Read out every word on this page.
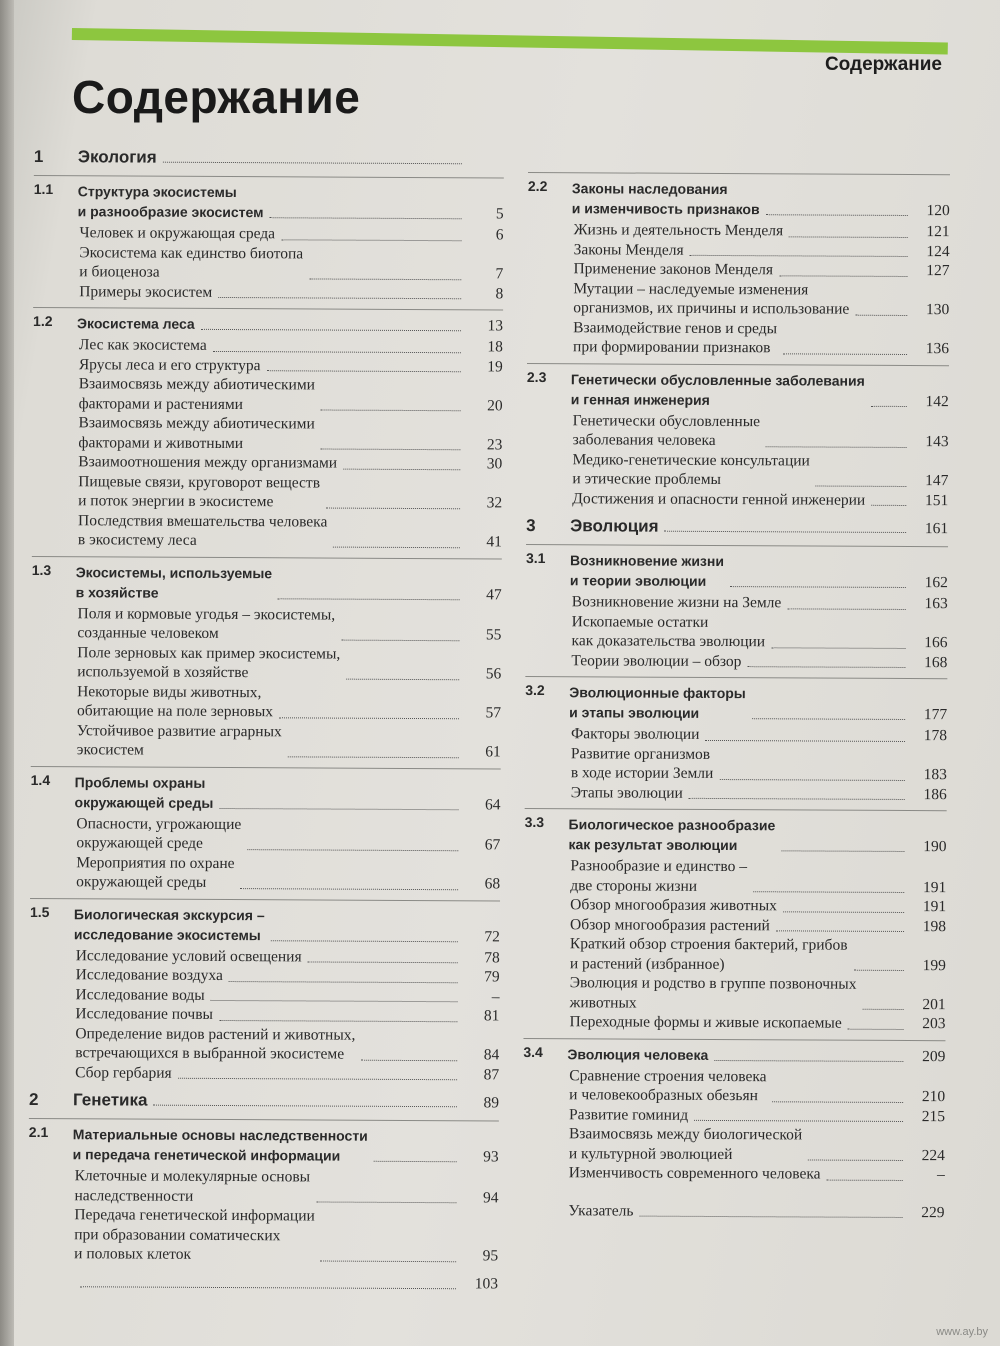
Содержание
Содержание
1	Экология
1.1	Структура экосистемы
и разнообразие экосистем	5
Человек и окружающая среда	6
Экосистема как единство биотопа
и биоценоза	7
Примеры экосистем	8
1.2	Экосистема леса	13
Лес как экосистема	18
Ярусы леса и его структура	19
Взаимосвязь между абиотическими
факторами и растениями	20
Взаимосвязь между абиотическими
факторами и животными	23
Взаимоотношения между организмами	30
Пищевые связи, круговорот веществ
и поток энергии в экосистеме	32
Последствия вмешательства человека
в экосистему леса	41
1.3	Экосистемы, используемые
в хозяйстве	47
Поля и кормовые угодья – экосистемы,
созданные человеком	55
Поле зерновых как пример экосистемы,
используемой в хозяйстве	56
Некоторые виды животных,
обитающие на поле зерновых	57
Устойчивое развитие аграрных
экосистем	61
1.4	Проблемы охраны
окружающей среды	64
Опасности, угрожающие
окружающей среде	67
Мероприятия по охране
окружающей среды	68
1.5	Биологическая экскурсия –
исследование экосистемы	72
Исследование условий освещения	78
Исследование воздуха	79
Исследование воды	–
Исследование почвы	81
Определение видов растений и животных,
встречающихся в выбранной экосистеме	84
Сбор гербария	87
2	Генетика	89
2.1	Материальные основы наследственности
и передача генетической информации	93
Клеточные и молекулярные основы
наследственности	94
Передача генетической информации
при образовании соматических
и половых клеток	95
103
2.2	Законы наследования
и изменчивость признаков	120
Жизнь и деятельность Менделя	121
Законы Менделя	124
Применение законов Менделя	127
Мутации – наследуемые изменения
организмов, их причины и использование	130
Взаимодействие генов и среды
при формировании признаков	136
2.3	Генетически обусловленные заболевания
и генная инженерия	142
Генетически обусловленные
заболевания человека	143
Медико-генетические консультации
и этические проблемы	147
Достижения и опасности генной инженерии	151
3	Эволюция	161
3.1	Возникновение жизни
и теории эволюции	162
Возникновение жизни на Земле	163
Ископаемые остатки
как доказательства эволюции	166
Теории эволюции – обзор	168
3.2	Эволюционные факторы
и этапы эволюции	177
Факторы эволюции	178
Развитие организмов
в ходе истории Земли	183
Этапы эволюции	186
3.3	Биологическое разнообразие
как результат эволюции	190
Разнообразие и единство –
две стороны жизни	191
Обзор многообразия животных	191
Обзор многообразия растений	198
Краткий обзор строения бактерий, грибов
и растений (избранное)	199
Эволюция и родство в группе позвоночных
животных	201
Переходные формы и живые ископаемые	203
3.4	Эволюция человека	209
Сравнение строения человека
и человекообразных обезьян	210
Развитие гоминид	215
Взаимосвязь между биологической
и культурной эволюцией	224
Изменчивость современного человека	–
Указатель	229
www.ay.by
